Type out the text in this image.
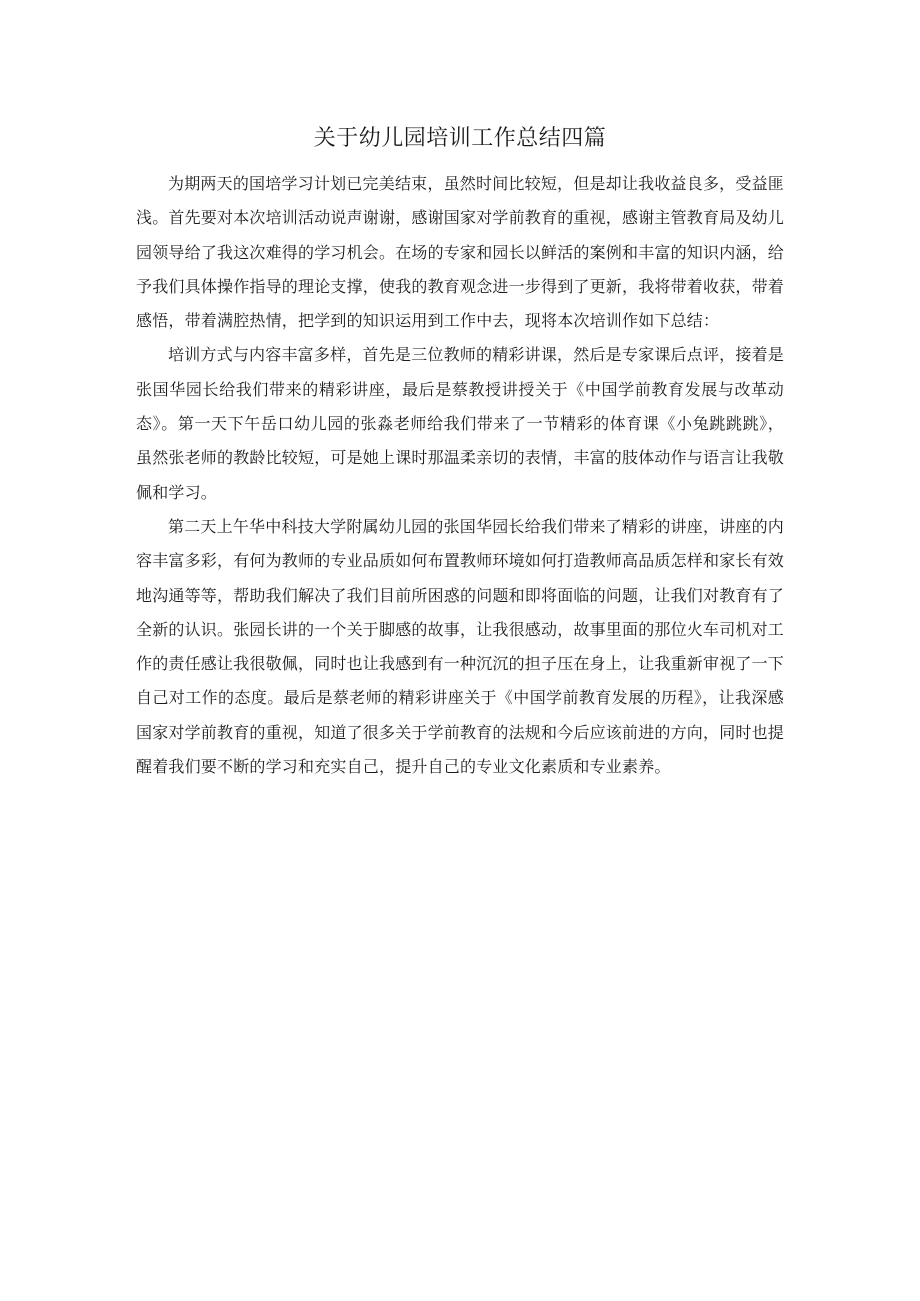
关于幼儿园培训工作总结四篇

为期两天的国培学习计划已完美结束，虽然时间比较短，但是却让我收益良多，受益匪浅。首先要对本次培训活动说声谢谢，感谢国家对学前教育的重视，感谢主管教育局及幼儿园领导给了我这次难得的学习机会。在场的专家和园长以鲜活的案例和丰富的知识内涵，给予我们具体操作指导的理论支撑，使我的教育观念进一步得到了更新，我将带着收获，带着感悟，带着满腔热情，把学到的知识运用到工作中去，现将本次培训作如下总结：

培训方式与内容丰富多样，首先是三位教师的精彩讲课，然后是专家课后点评，接着是张国华园长给我们带来的精彩讲座，最后是蔡教授讲授关于《中国学前教育发展与改革动态》。第一天下午岳口幼儿园的张淼老师给我们带来了一节精彩的体育课《小兔跳跳跳》，虽然张老师的教龄比较短，可是她上课时那温柔亲切的表情，丰富的肢体动作与语言让我敬佩和学习。

第二天上午华中科技大学附属幼儿园的张国华园长给我们带来了精彩的讲座，讲座的内容丰富多彩，有何为教师的专业品质如何布置教师环境如何打造教师高品质怎样和家长有效地沟通等等，帮助我们解决了我们目前所困惑的问题和即将面临的问题，让我们对教育有了全新的认识。张园长讲的一个关于脚感的故事，让我很感动，故事里面的那位火车司机对工作的责任感让我很敬佩，同时也让我感到有一种沉沉的担子压在身上，让我重新审视了一下自己对工作的态度。最后是蔡老师的精彩讲座关于《中国学前教育发展的历程》，让我深感国家对学前教育的重视，知道了很多关于学前教育的法规和今后应该前进的方向，同时也提醒着我们要不断的学习和充实自己，提升自己的专业文化素质和专业素养。
